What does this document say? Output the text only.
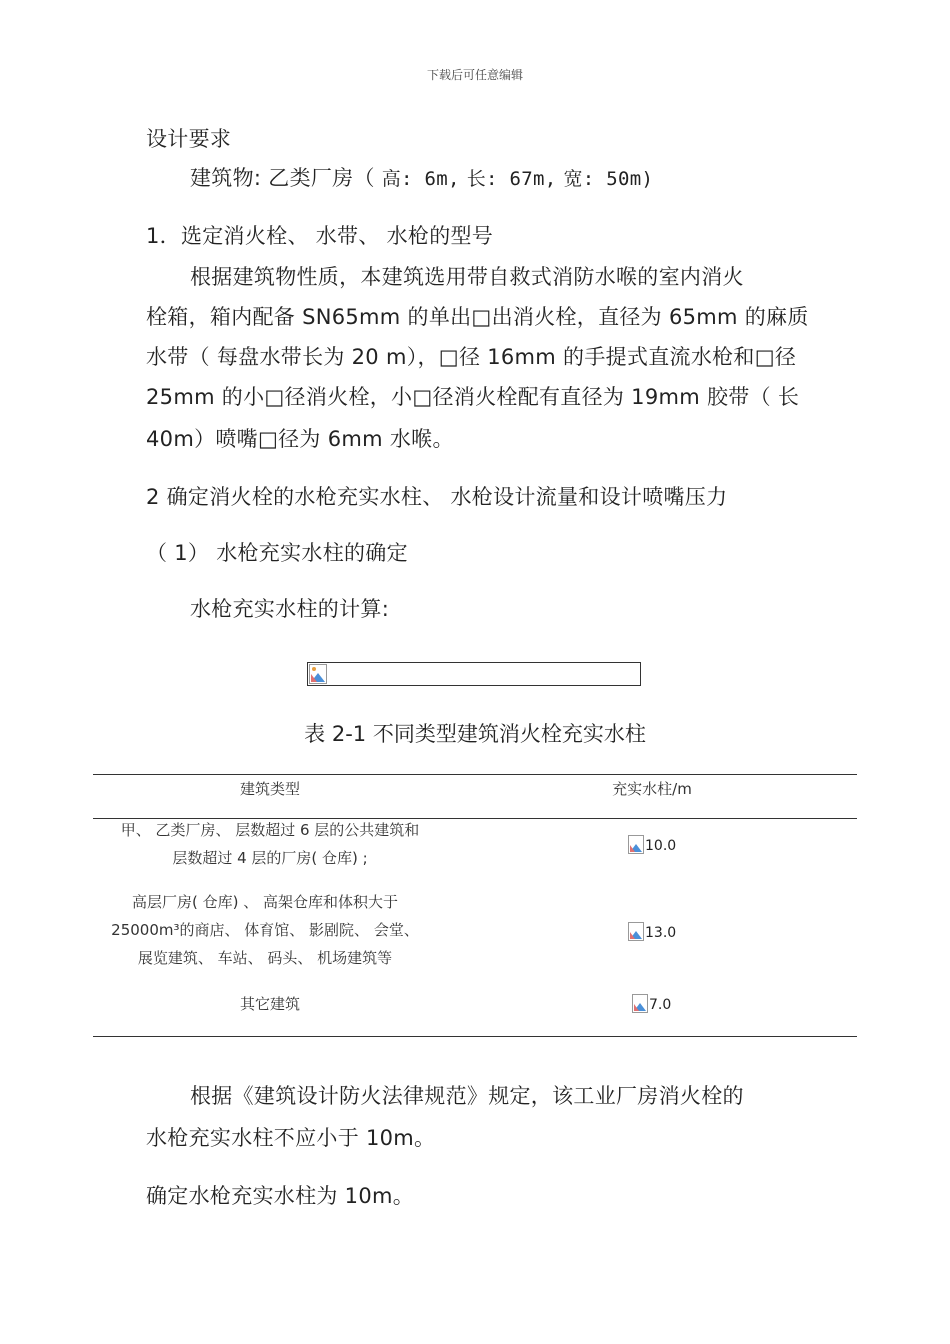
下载后可任意编辑
设计要求
建筑物: 乙类厂房（ 高: 6m, 长: 67m, 宽: 50m)
1．选定消火栓、 水带、 水枪的型号
根据建筑物性质，本建筑选用带自救式消防水喉的室内消火
栓箱，箱内配备 SN65mm 的单出□出消火栓，直径为 65mm 的麻质
水带（ 每盘水带长为 20 m），□径 16mm 的手提式直流水枪和□径
25mm 的小□径消火栓，小□径消火栓配有直径为 19mm 胶带（ 长
40m）喷嘴□径为 6mm 水喉。
2 确定消火栓的水枪充实水柱、 水枪设计流量和设计喷嘴压力
（ 1） 水枪充实水柱的确定
水枪充实水柱的计算:
表 2-1 不同类型建筑消火栓充实水柱
建筑类型	充实水柱/m
甲、 乙类厂房、 层数超过 6 层的公共建筑和
层数超过 4 层的厂房( 仓库) ;
10.0
高层厂房( 仓库) 、 高架仓库和体积大于
25000m³的商店、 体育馆、 影剧院、 会堂、
展览建筑、 车站、 码头、 机场建筑等
13.0
其它建筑	7.0
根据《建筑设计防火法律规范》规定，该工业厂房消火栓的
水枪充实水柱不应小于 10m。
确定水枪充实水柱为 10m。
